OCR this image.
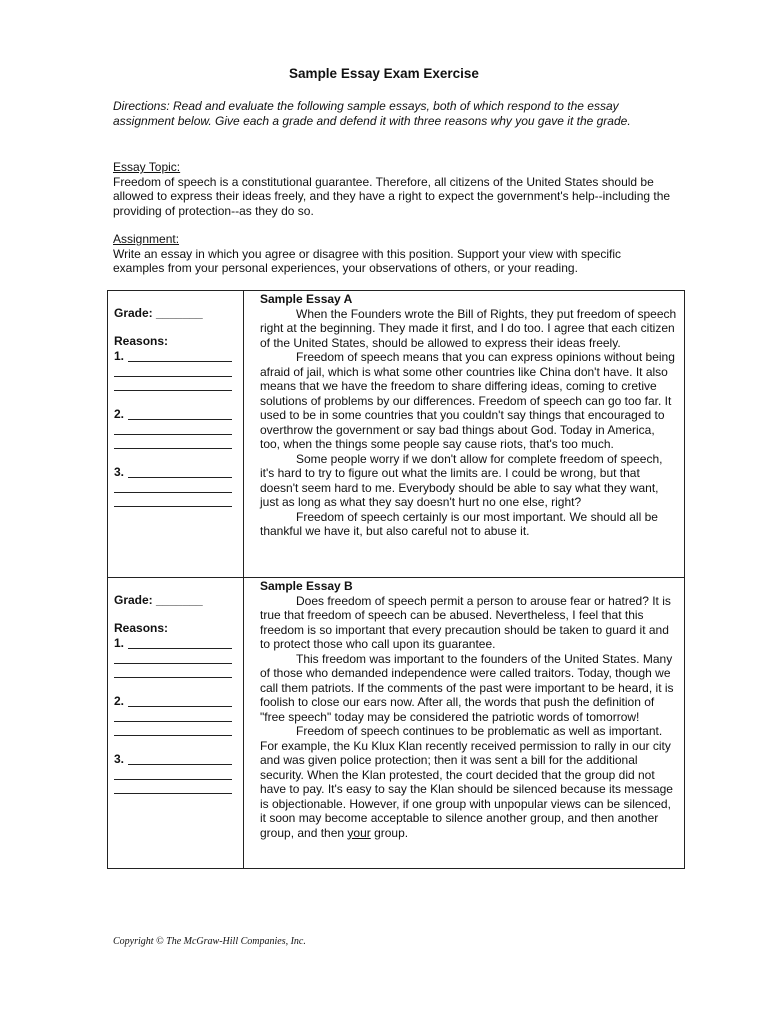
Sample Essay Exam Exercise
Directions: Read and evaluate the following sample essays, both of which respond to the essay assignment below. Give each a grade and defend it with three reasons why you gave it the grade.
Essay Topic:
Freedom of speech is a constitutional guarantee. Therefore, all citizens of the United States should be allowed to express their ideas freely, and they have a right to expect the government's help--including the providing of protection--as they do so.
Assignment:
Write an essay in which you agree or disagree with this position. Support your view with specific examples from your personal experiences, your observations of others, or your reading.
Grade: _______
Reasons:
1.
2.
3.
Sample Essay A

When the Founders wrote the Bill of Rights, they put freedom of speech right at the beginning. They made it first, and I do too. I agree that each citizen of the United States, should be allowed to express their ideas freely.

Freedom of speech means that you can express opinions without being afraid of jail, which is what some other countries like China don't have. It also means that we have the freedom to share differing ideas, coming to cretive solutions of problems by our differences. Freedom of speech can go too far. It used to be in some countries that you couldn't say things that encouraged to overthrow the government or say bad things about God. Today in America, too, when the things some people say cause riots, that's too much.

Some people worry if we don't allow for complete freedom of speech, it's hard to try to figure out what the limits are. I could be wrong, but that doesn't seem hard to me. Everybody should be able to say what they want, just as long as what they say doesn't hurt no one else, right?

Freedom of speech certainly is our most important. We should all be thankful we have it, but also careful not to abuse it.

Grade: _______
Reasons:
1.
2.
3.
Sample Essay B

Does freedom of speech permit a person to arouse fear or hatred? It is true that freedom of speech can be abused. Nevertheless, I feel that this freedom is so important that every precaution should be taken to guard it and to protect those who call upon its guarantee.

This freedom was important to the founders of the United States. Many of those who demanded independence were called traitors. Today, though we call them patriots. If the comments of the past were important to be heard, it is foolish to close our ears now. After all, the words that push the definition of "free speech" today may be considered the patriotic words of tomorrow!

Freedom of speech continues to be problematic as well as important. For example, the Ku Klux Klan recently received permission to rally in our city and was given police protection; then it was sent a bill for the additional security. When the Klan protested, the court decided that the group did not have to pay. It's easy to say the Klan should be silenced because its message is objectionable. However, if one group with unpopular views can be silenced, it soon may become acceptable to silence another group, and then another group, and then your group.

Copyright © The McGraw-Hill Companies, Inc.
